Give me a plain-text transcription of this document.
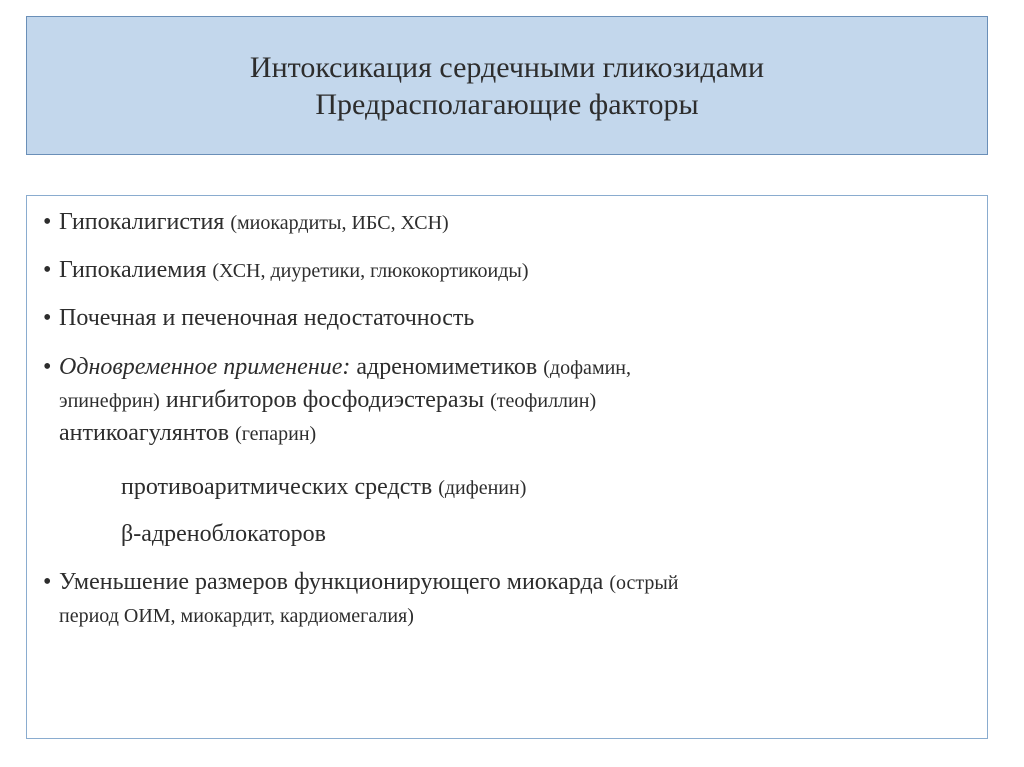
Интоксикация сердечными гликозидами
Предрасполагающие факторы
• Гипокалигистия (миокардиты, ИБС, ХСН)
• Гипокалиемия (ХСН, диуретики, глюкокортикоиды)
• Почечная и печеночная недостаточность
• Одновременное применение: адреномиметиков (дофамин,
эпинефрин) ингибиторов фосфодиэстеразы (теофиллин)
антикоагулянтов (гепарин)
противоаритмических средств (дифенин)
β-адреноблокаторов
• Уменьшение размеров функционирующего миокарда (острый
период ОИМ, миокардит, кардиомегалия)
